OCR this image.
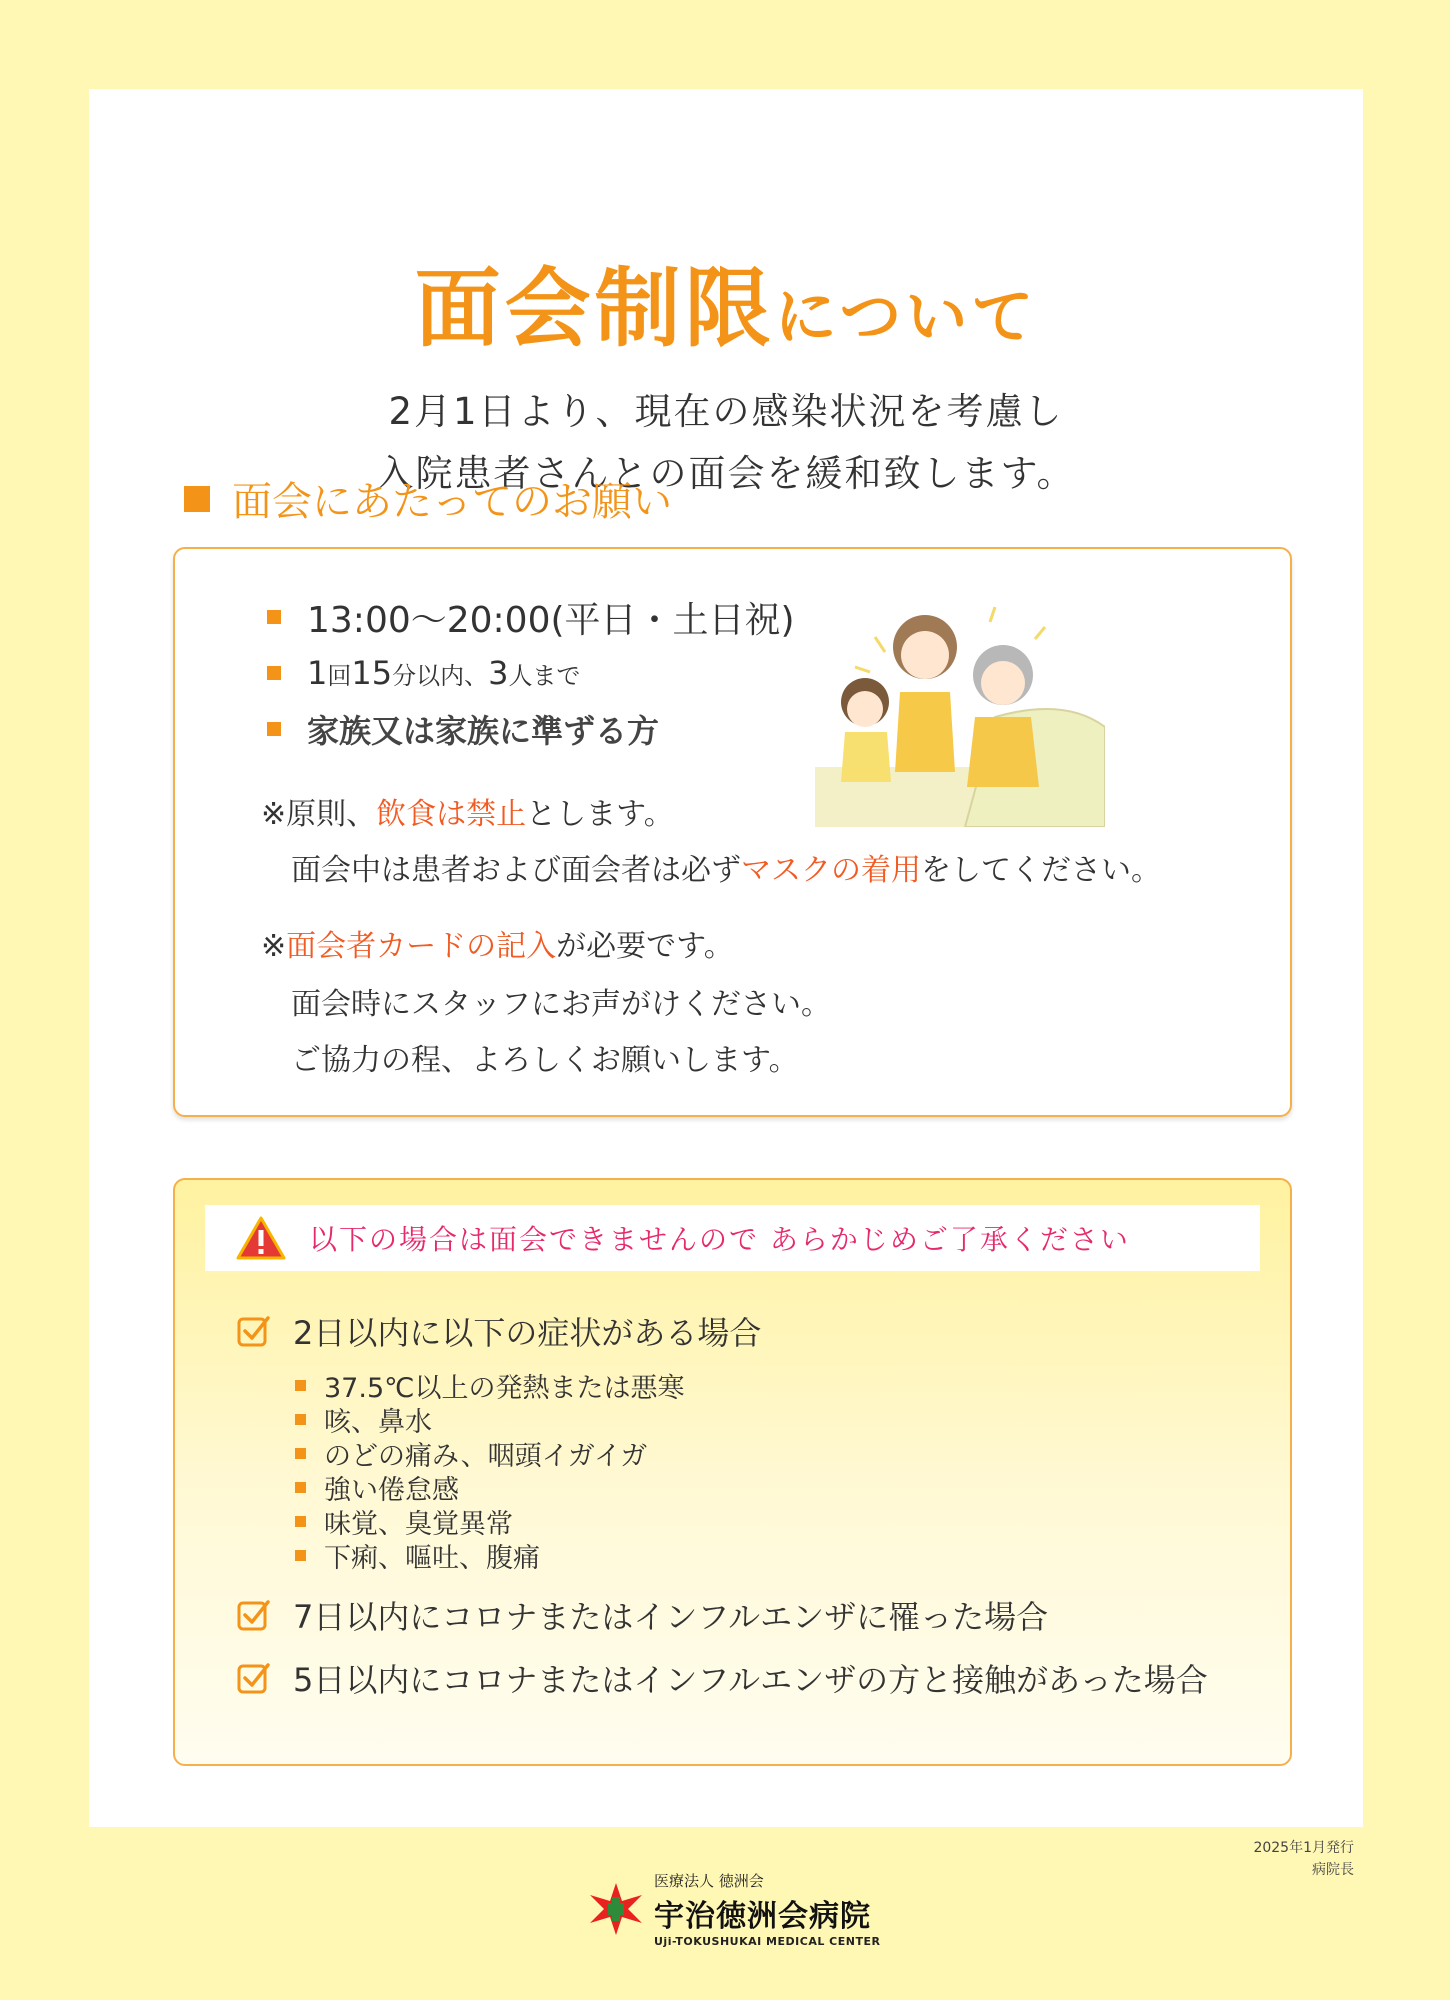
面会制限について
2月1日より、現在の感染状況を考慮し
入院患者さんとの面会を緩和致します。
面会にあたってのお願い
13:00～20:00 (平日・土日祝)
1 回 15 分以内、 3 人まで
家族又は家族に準ずる方
※原則、飲食は禁止とします。
面会中は患者および面会者は必ずマスクの着用をしてください。
※面会者カードの記入が必要です。
面会時にスタッフにお声がけください。
ご協力の程、よろしくお願いします。
以下の場合は面会できませんので あらかじめご了承ください
2日以内に以下の症状がある場合
37.5℃以上の発熱または悪寒
咳、鼻水
のどの痛み、咽頭イガイガ
強い倦怠感
味覚、臭覚異常
下痢、嘔吐、腹痛
7日以内にコロナまたはインフルエンザに罹った場合
5日以内にコロナまたはインフルエンザの方と接触があった場合
2025年1月発行
病院長
医療法人 徳洲会
宇治徳洲会病院
Uji-TOKUSHUKAI MEDICAL CENTER
